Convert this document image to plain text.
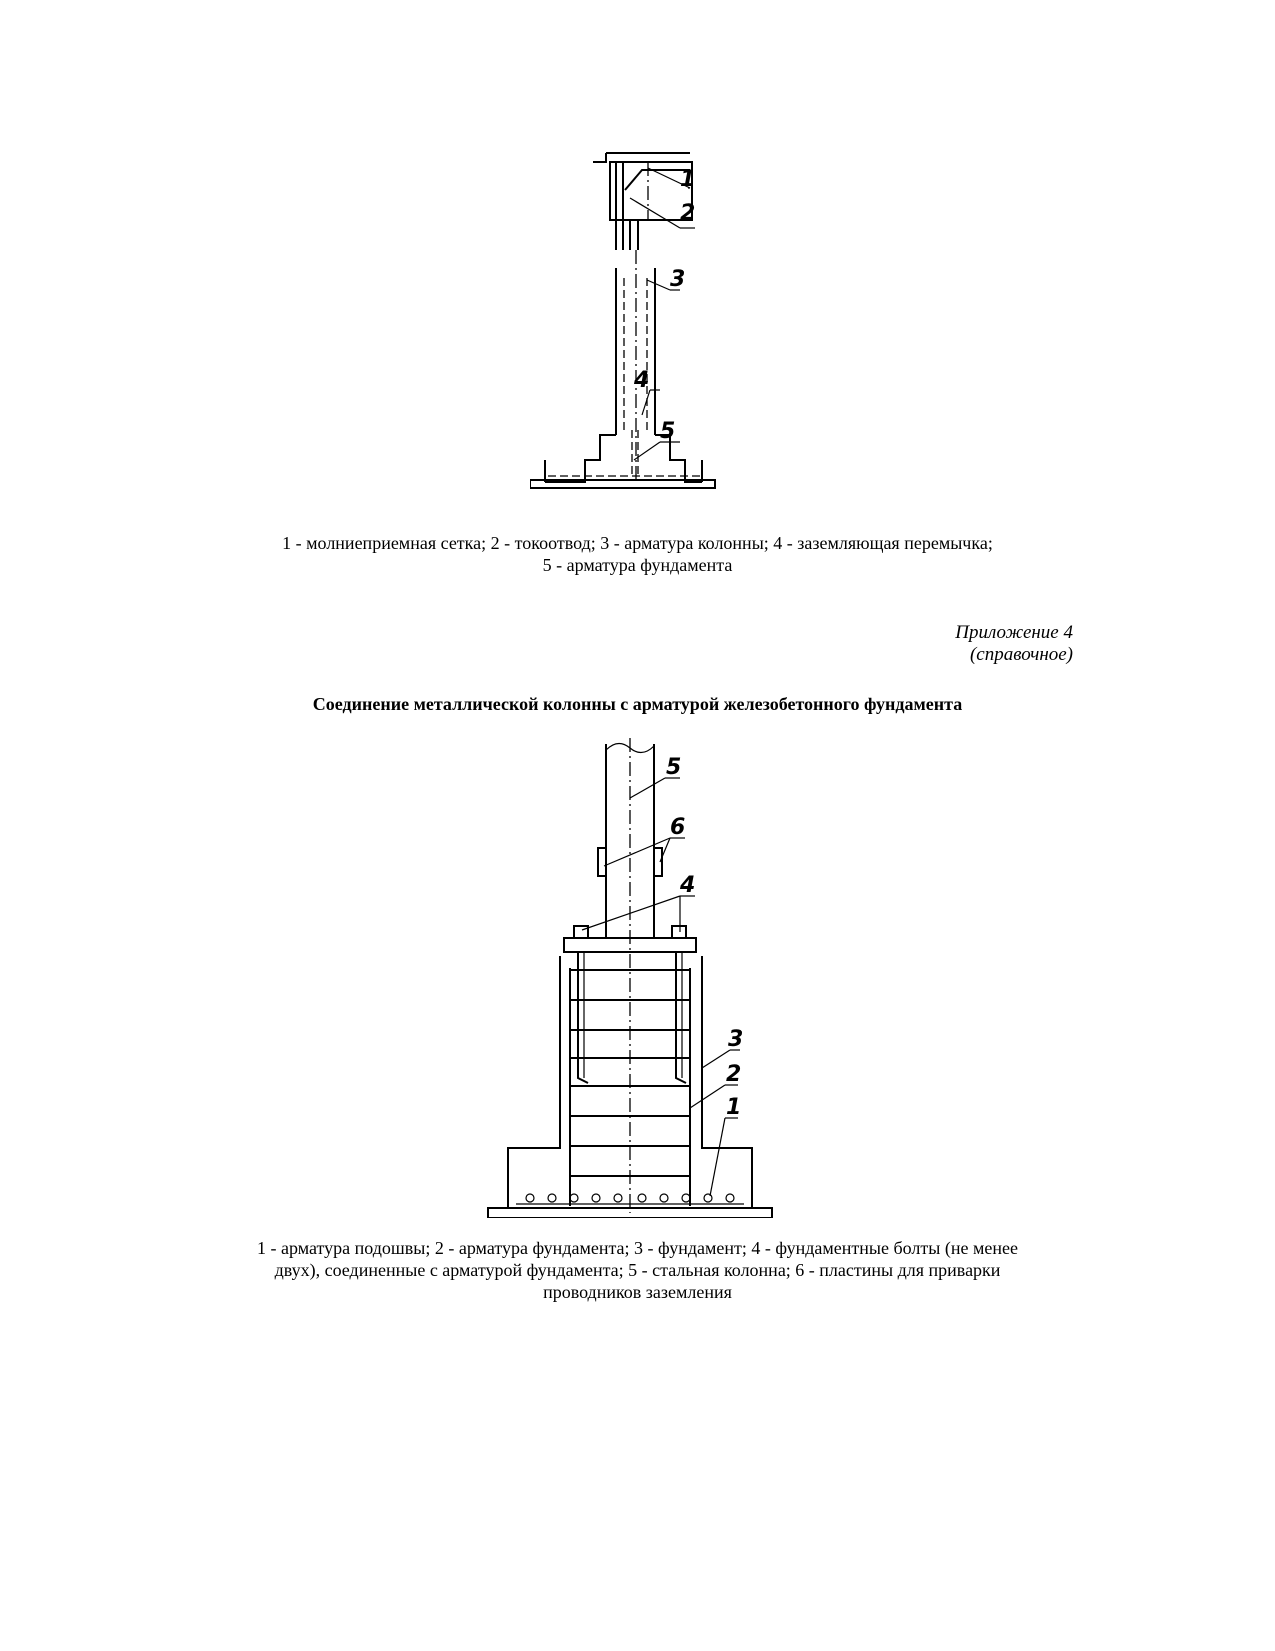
1
2
3
4
5
1 - молниеприемная сетка; 2 - токоотвод; 3 - арматура колонны; 4 - заземляющая перемычка;
5 - арматура фундамента
Приложение 4
(справочное)
Соединение металлической колонны с арматурой железобетонного фундамента
5
6
4
3
2
1
1 - арматура подошвы; 2 - арматура фундамента; 3 - фундамент; 4 - фундаментные болты (не менее
двух), соединенные с арматурой фундамента; 5 - стальная колонна; 6 - пластины для приварки
проводников заземления
